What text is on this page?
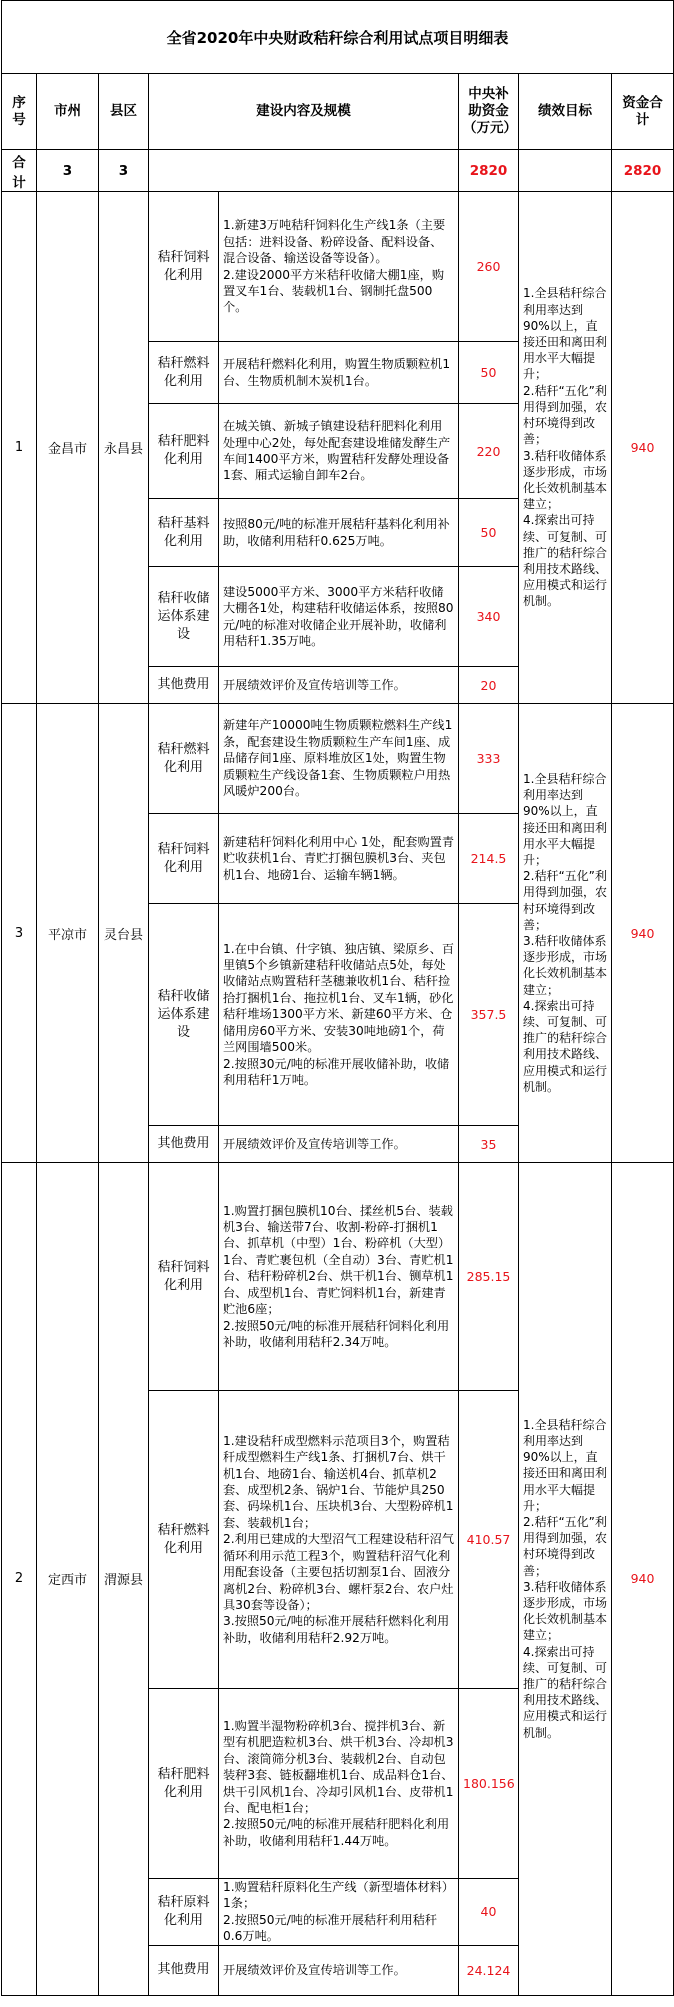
全省2020年中央财政秸秆综合利用试点项目明细表							
序号	市州	县区	建设内容及规模		中央补助资金（万元）	绩效目标	资金合计
合计	3	3			2820		2820
1	金昌市	永昌县	秸秆饲料化利用	1.新建3万吨秸秆饲料化生产线1条（主要包括：进料设备、粉碎设备、配料设备、混合设备、输送设备等设备）。
2.建设2000平方米秸秆收储大棚1座，购置叉车1台、装载机1台、钢制托盘500个。	260	1.全县秸秆综合利用率达到90%以上，直接还田和离田利用水平大幅提升；
2.秸秆“五化”利用得到加强，农村环境得到改善；
3.秸秆收储体系逐步形成，市场化长效机制基本建立；
4.探索出可持续、可复制、可推广的秸秆综合利用技术路线、应用模式和运行机制。	940
			秸秆燃料化利用	开展秸秆燃料化利用，购置生物质颗粒机1台、生物质机制木炭机1台。	50		
			秸秆肥料化利用	在城关镇、新城子镇建设秸秆肥料化利用处理中心2处，每处配套建设堆储发酵生产车间1400平方米，购置秸秆发酵处理设备1套、厢式运输自卸车2台。	220		
			秸秆基料化利用	按照80元/吨的标准开展秸秆基料化利用补助，收储利用秸秆0.625万吨。	50		
			秸秆收储运体系建设	建设5000平方米、3000平方米秸秆收储大棚各1处，构建秸秆收储运体系，按照80元/吨的标准对收储企业开展补助，收储利用秸秆1.35万吨。	340		
			其他费用	开展绩效评价及宣传培训等工作。	20		
3	平凉市	灵台县	秸秆燃料化利用	新建年产10000吨生物质颗粒燃料生产线1条，配套建设生物质颗粒生产车间1座、成品储存间1座、原料堆放区1处，购置生物质颗粒生产线设备1套、生物质颗粒户用热风暖炉200台。	333	1.全县秸秆综合利用率达到90%以上，直接还田和离田利用水平大幅提升；
2.秸秆“五化”利用得到加强，农村环境得到改善；
3.秸秆收储体系逐步形成，市场化长效机制基本建立；
4.探索出可持续、可复制、可推广的秸秆综合利用技术路线、应用模式和运行机制。	940
			秸秆饲料化利用	新建秸秆饲料化利用中心 1处，配套购置青贮收获机1台、青贮打捆包膜机3台、夹包机1台、地磅1台、运输车辆1辆。	214.5		
			秸秆收储运体系建设	1.在中台镇、什字镇、独店镇、梁原乡、百里镇5个乡镇新建秸秆收储站点5处，每处收储站点购置秸秆茎穗兼收机1台、秸秆捡拾打捆机1台、拖拉机1台、叉车1辆，砂化秸秆堆场1300平方米、新建60平方米、仓储用房60平方米、安装30吨地磅1个，荷兰网围墙500米。
2.按照30元/吨的标准开展收储补助，收储利用秸秆1万吨。	357.5		
			其他费用	开展绩效评价及宣传培训等工作。	35		
2	定西市	渭源县	秸秆饲料化利用	1.购置打捆包膜机10台、揉丝机5台、装载机3台、输送带7台、收割-粉碎-打捆机1台、抓草机（中型）1台、粉碎机（大型）1台、青贮裹包机（全自动）3台、青贮机1台、秸秆粉碎机2台、烘干机1台、铡草机1台、成型机1台、青贮饲料机1台，新建青贮池6座；
2.按照50元/吨的标准开展秸秆饲料化利用补助，收储利用秸秆2.34万吨。	285.15	1.全县秸秆综合利用率达到90%以上，直接还田和离田利用水平大幅提升；
2.秸秆“五化”利用得到加强，农村环境得到改善；
3.秸秆收储体系逐步形成，市场化长效机制基本建立；
4.探索出可持续、可复制、可推广的秸秆综合利用技术路线、应用模式和运行机制。	940
			秸秆燃料化利用	1.建设秸秆成型燃料示范项目3个，购置秸秆成型燃料生产线1条、打捆机7台、烘干机1台、地磅1台、输送机4台、抓草机2套、成型机2条、锅炉1台、节能炉具250套、码垛机1台、压块机3台、大型粉碎机1套、装载机1台；
2.利用已建成的大型沼气工程建设秸秆沼气循环利用示范工程3个，购置秸秆沼气化利用配套设备（主要包括切割泵1台、固液分离机2台、粉碎机3台、螺杆泵2台、农户灶具30套等设备）；
3.按照50元/吨的标准开展秸秆燃料化利用补助，收储利用秸秆2.92万吨。	410.57		
			秸秆肥料化利用	1.购置半湿物粉碎机3台、搅拌机3台、新型有机肥造粒机3台、烘干机3台、冷却机3台、滚筒筛分机3台、装载机2台、自动包装秤3套、链板翻堆机1台、成品料仓1台、烘干引风机1台、冷却引风机1台、皮带机1台、配电柜1台；
2.按照50元/吨的标准开展秸秆肥料化利用补助，收储利用秸秆1.44万吨。	180.156		
			秸秆原料化利用	1.购置秸秆原料化生产线（新型墙体材料）1条；
2.按照50元/吨的标准开展秸秆利用秸秆0.6万吨。	40		
			其他费用	开展绩效评价及宣传培训等工作。	24.124		
